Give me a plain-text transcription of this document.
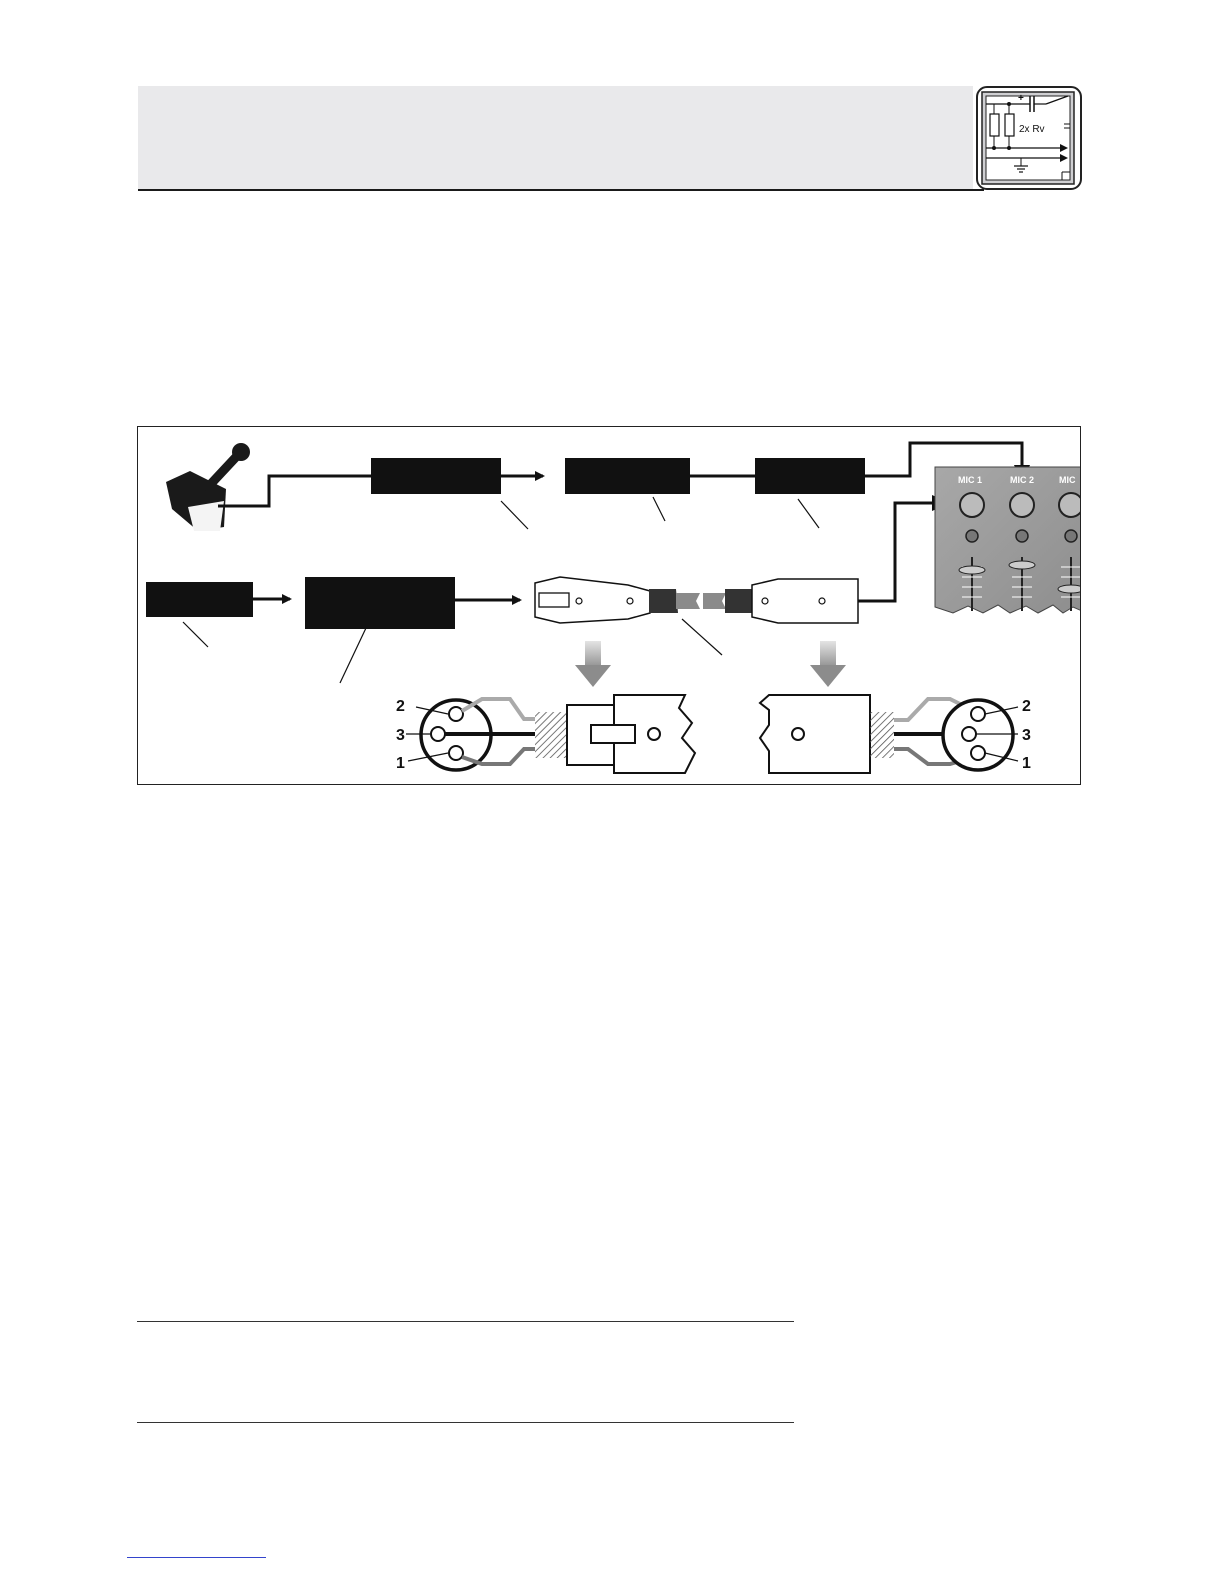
+
2x Rv
MIC 1	MIC 2	MIC
2
3
1
2
3
1
